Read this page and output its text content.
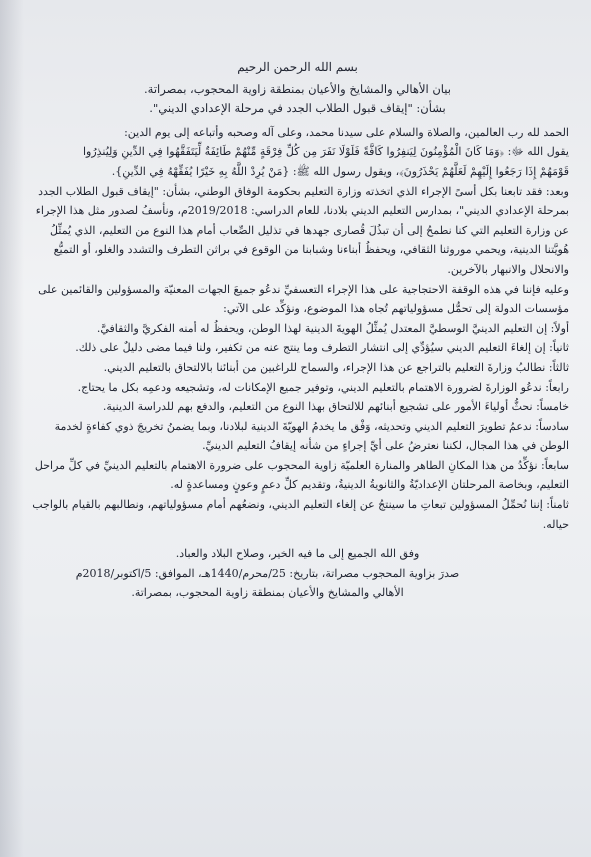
بسم الله الرحمن الرحيم

بيان الأهالي والمشايخ والأعيان بمنطقة زاوية المحجوب، بمصراتة.

بشأن: "إيقاف قبول الطلاب الجدد في مرحلة الإعدادي الديني".

الحمد لله رب العالمين، والصلاة والسلام على سيدنا محمد، وعلى آله وصحبه وأتباعه إلى يوم الدين:

يقول الله ﷻ: ﴿وَمَا كَانَ الْمُؤْمِنُونَ لِيَنفِرُوا كَافَّةً فَلَوْلَا نَفَرَ مِن كُلِّ فِرْقَةٍ مِّنْهُمْ طَائِفَةٌ لِّيَتَفَقَّهُوا فِي الدِّينِ وَلِيُنذِرُوا

قَوْمَهُمْ إِذَا رَجَعُوا إِلَيْهِمْ لَعَلَّهُمْ يَحْذَرُونَ﴾، ويقول رسول الله ﷺ: {مَنْ يُرِدْ اللَّهُ بِهِ خَيْرًا يُفَقِّهْهُ فِي الدِّينِ}.

وبعد: فقد تابعنا بكل أسىً الإجراء الذي اتخذته وزارة التعليم بحكومة الوفاق الوطني، بشأن: "إيقاف قبول الطلاب الجدد بمرحلة الإعدادي الديني"، بمدارس التعليم الديني بلادنا، للعام الدراسي: 2019/2018م، ونأسفُ لصدور مثل هذا الإجراء عن وزارة التعليم التي كنا نطمحُ إلى أن تبذُلَ قُصارى جهدها في تذليل الصِّعاب أمام هذا النوع من التعليم، الذي يُمثِّلُ هُويَّتنا الدينية، ويحمي موروثنا الثقافي، ويحفظُ أبناءنا وشبابنا من الوقوع في براثن التطرف والتشدد والغلو، أو التميُّع والانحلال والانبهار بالآخرين.

وعليه فإننا في هذه الوقفة الاحتجاجية على هذا الإجراء التعسفيِّ ندعُو جميعَ الجهات المعنيّة والمسؤولين والقائمين على مؤسسات الدولة إلى تحمُّل مسؤولياتهم تُجاه هذا الموضوع، ونؤكِّد على الآتي:

أولاً: إن التعليم الدينيَّ الوسطيَّ المعتدل يُمثِّلُ الهويةَ الدينية لهذا الوطن، ويحفظُ له أمنه الفكريَّ والثقافيَّ.

ثانياً: إن إلغاءَ التعليم الديني سيُؤدِّي إلى انتشار التطرف وما ينتج عنه من تكفير، ولنا فيما مضى دليلٌ على ذلك.

ثالثاً: نطالبُ وزارةَ التعليم بالتراجع عن هذا الإجراء، والسماح للراغبين من أبنائنا بالالتحاق بالتعليم الديني.

رابعاً: ندعُو الوزارةَ لضرورة الاهتمام بالتعليم الديني، وتوفير جميع الإمكانات له، وتشجيعه ودعمِه بكل ما يحتاج.

خامساً: نحثُّ أولياءَ الأمور على تشجيع أبنائهم للالتحاق بهذا النوع من التعليم، والدفع بهم للدراسة الدينية.

سادساً: ندعمُ تطويرَ التعليم الديني وتحديثه، وَفْق ما يخدمُ الهويّةَ الدينية لبلادنا، وبما يضمنُ تخريجَ ذوي كفاءةٍ لخدمة الوطن في هذا المجال، لكننا نعترضُ على أيِّ إجراءٍ من شأنه إيقافُ التعليم الدينيِّ.

سابعاً: نؤكِّدُ من هذا المكانِ الطاهر والمنارة العلميّة زاوية المحجوب على ضرورة الاهتمام بالتعليم الدينيِّ في كلِّ مراحل التعليم، وبخاصة المرحلتان الإعداديّةُ والثانويةُ الدينيةُ، وتقديم كلِّ دعمٍ وعونٍ ومساعدةٍ له.

ثامناً: إننا نُحمِّلُ المسؤولين تبعاتِ ما سينتجُ عن إلغاء التعليم الديني، ونضعُهم أمام مسؤولياتهم، ونطالبهم بالقيام بالواجب حياله.

وفق الله الجميع إلى ما فيه الخير، وصلاح البلاد والعباد.

صدرَ بزاوية المحجوب مصراتة، بتاريخ: 25/محرم/1440هـ، الموافق: 5/اكتوبر/2018م

الأهالي والمشايخ والأعيان بمنطقة زاوية المحجوب، بمصراتة.
